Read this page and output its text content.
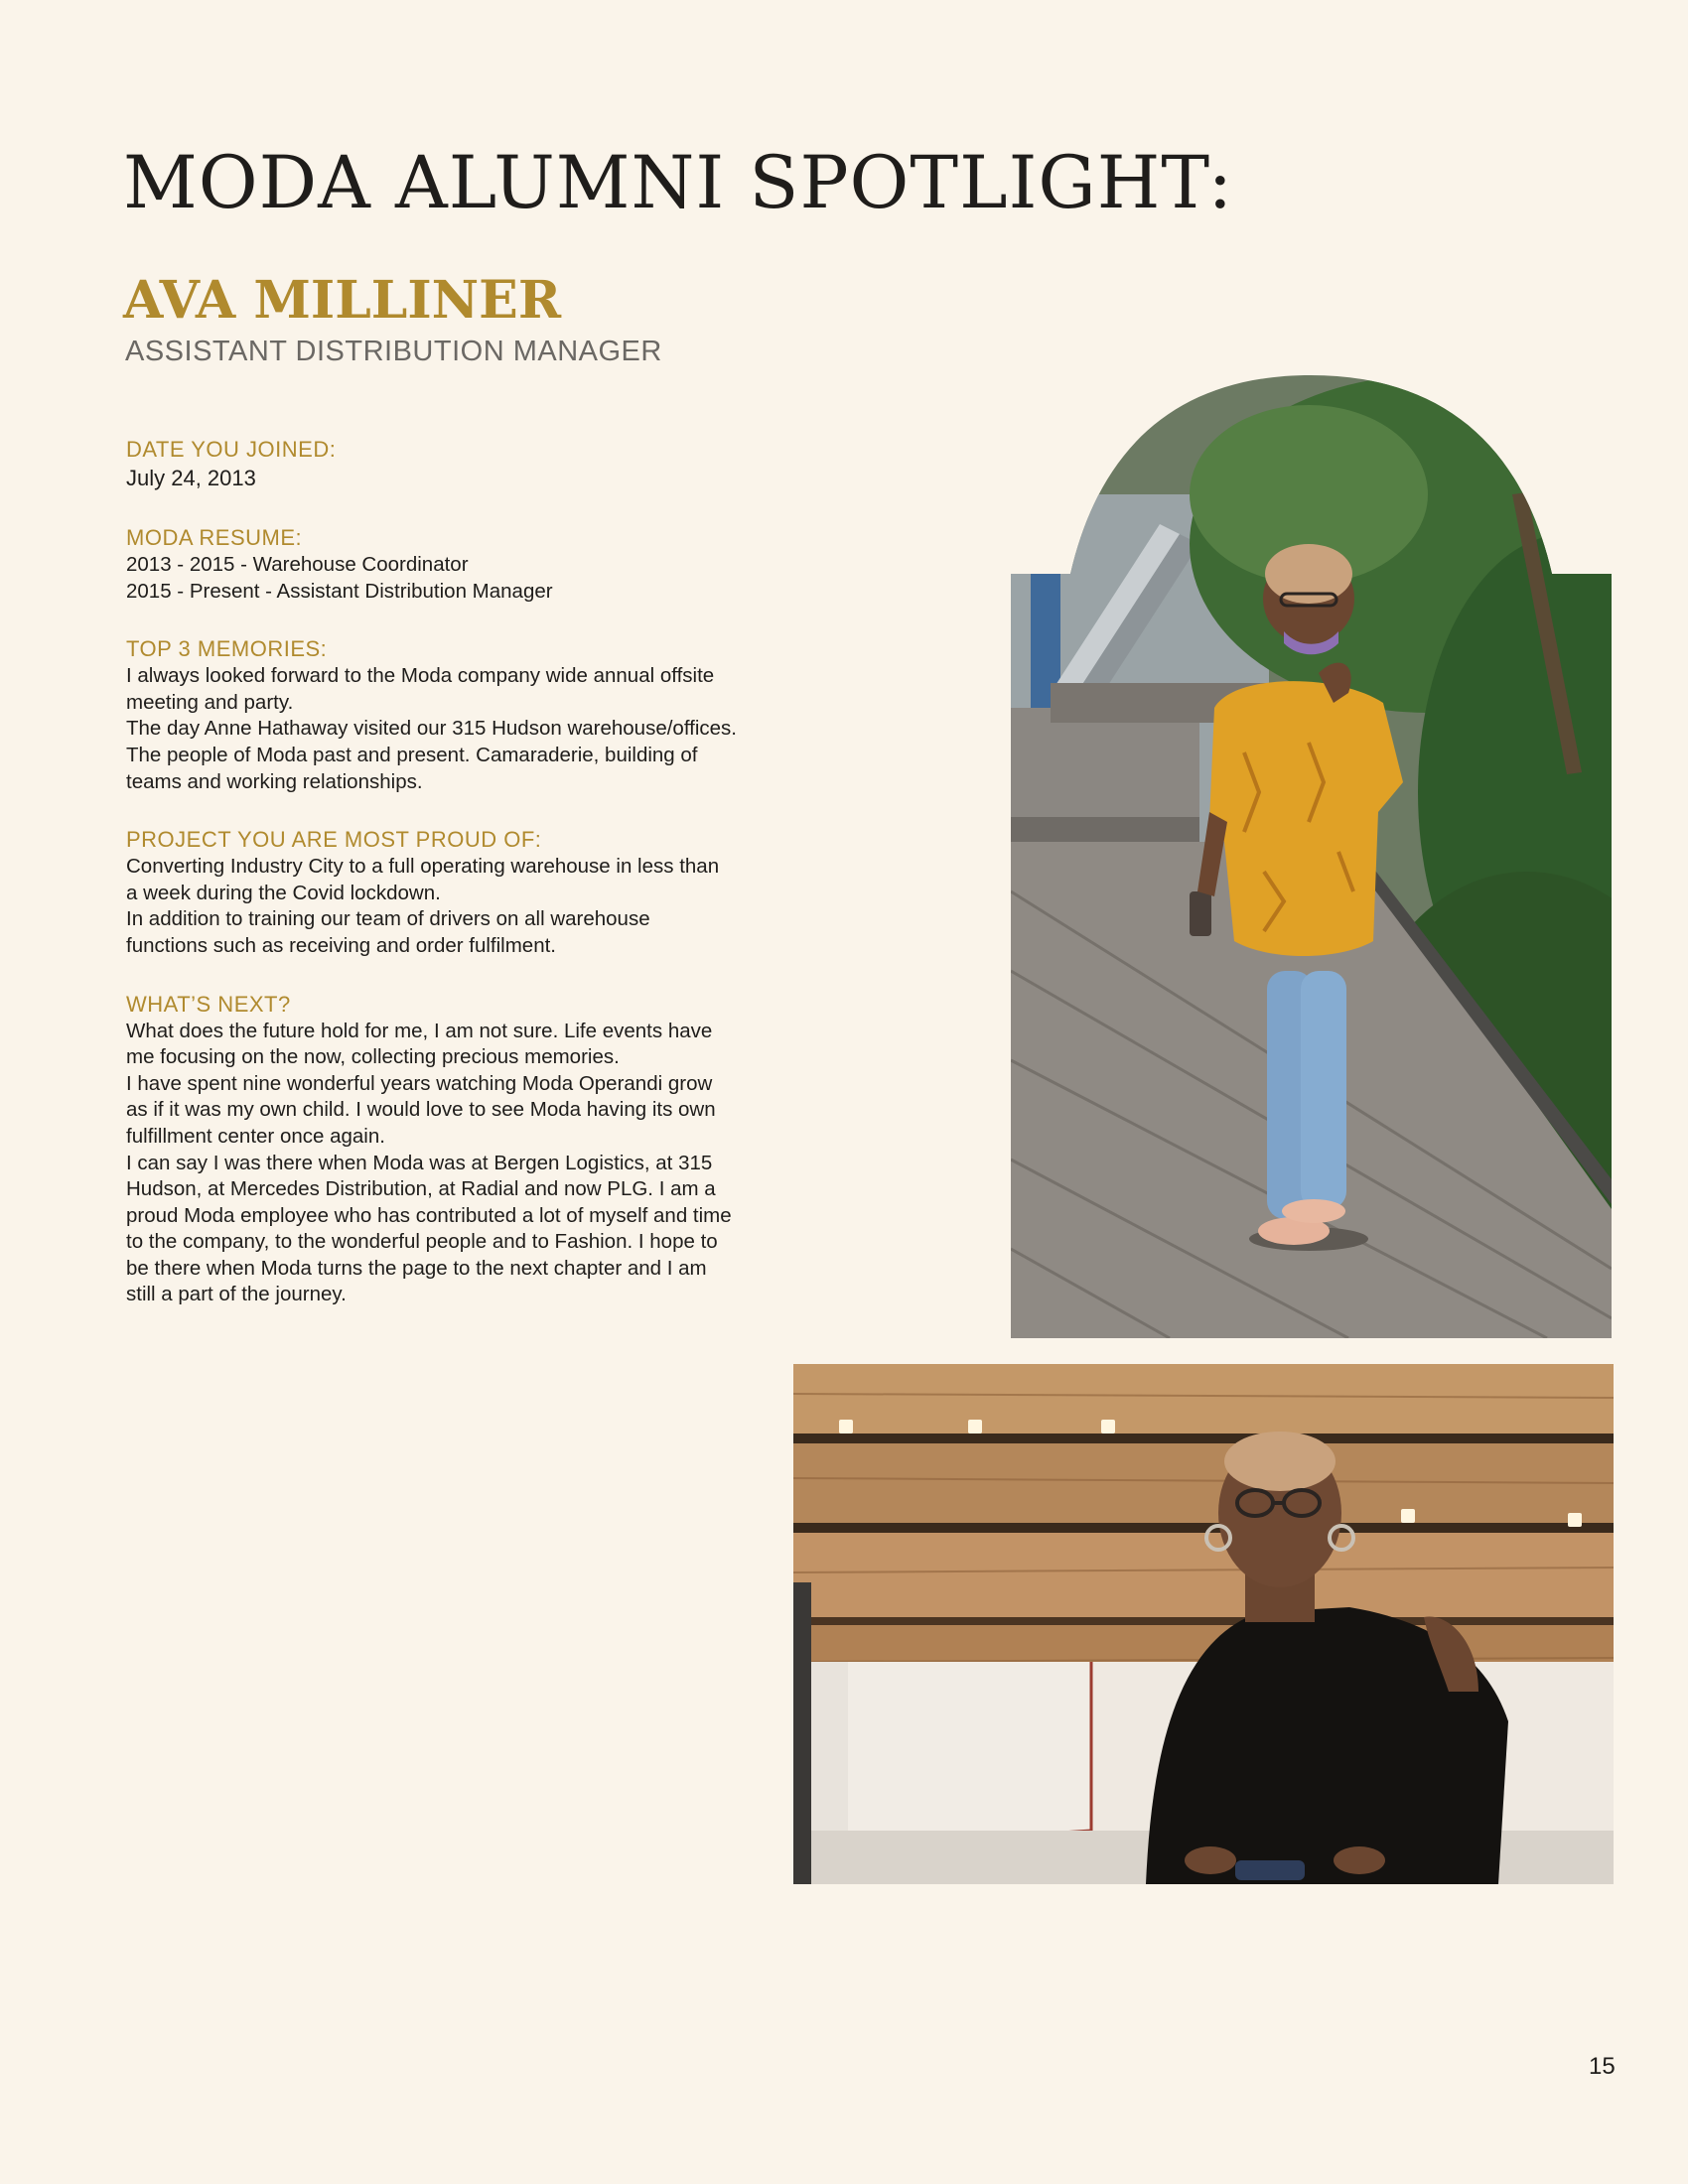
MODA ALUMNI SPOTLIGHT:
AVA MILLINER
ASSISTANT DISTRIBUTION MANAGER
DATE YOU JOINED:
July 24, 2013
MODA RESUME:
2013 - 2015 - Warehouse Coordinator
2015 - Present - Assistant Distribution Manager
TOP 3 MEMORIES:
I always looked forward to the Moda company wide annual offsite
meeting and party.
The day Anne Hathaway visited our 315 Hudson warehouse/offices.
The people of Moda past and present. Camaraderie, building of
teams and working relationships.
PROJECT YOU ARE MOST PROUD OF:
Converting Industry City to a full operating warehouse in less than
a week during the Covid lockdown.
In addition to training our team of drivers on all warehouse
functions such as receiving and order fulfilment.
WHAT’S NEXT?
What does the future hold for me, I am not sure. Life events have
me focusing on the now, collecting precious memories.
I have spent nine wonderful years watching Moda Operandi grow
as if it was my own child. I would love to see Moda having its own
fulfillment center once again.
I can say I was there when Moda was at Bergen Logistics, at 315
Hudson, at Mercedes Distribution, at Radial and now PLG. I am a
proud Moda employee who has contributed a lot of myself and time
to the company, to the wonderful people and to Fashion. I hope to
be there when Moda turns the page to the next chapter and I am
still a part of the journey.
15
